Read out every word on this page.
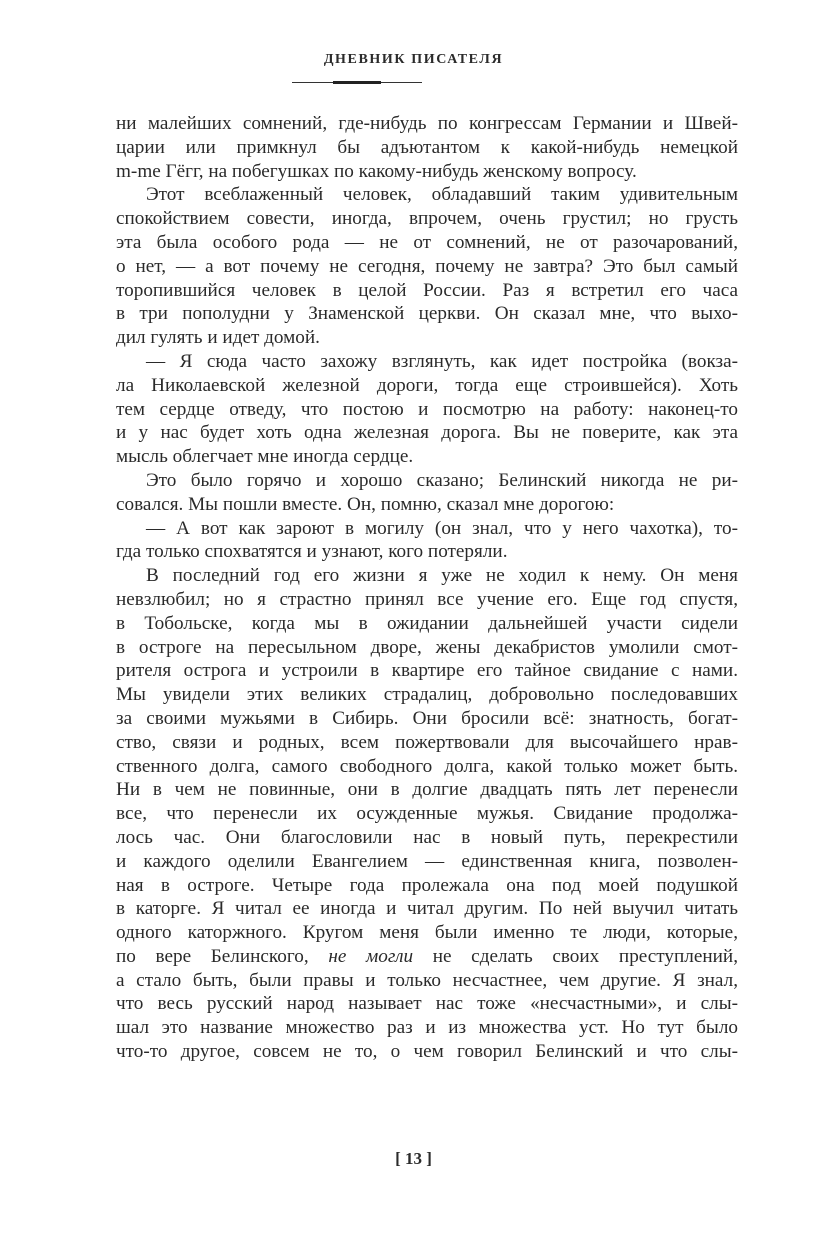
ДНЕВНИК ПИСАТЕЛЯ
ни малейших сомнений, где-нибудь по конгрессам Германии и Швей-
царии или примкнул бы адъютантом к какой-нибудь немецкой
m-me Гёгг, на побегушках по какому-нибудь женскому вопросу.
Этот всеблаженный человек, обладавший таким удивительным
спокойствием совести, иногда, впрочем, очень грустил; но грусть
эта была особого рода — не от сомнений, не от разочарований,
о нет, — а вот почему не сегодня, почему не завтра? Это был самый
торопившийся человек в целой России. Раз я встретил его часа
в три пополудни у Знаменской церкви. Он сказал мне, что выхо-
дил гулять и идет домой.
— Я сюда часто захожу взглянуть, как идет постройка (вокза-
ла Николаевской железной дороги, тогда еще строившейся). Хоть
тем сердце отведу, что постою и посмотрю на работу: наконец-то
и у нас будет хоть одна железная дорога. Вы не поверите, как эта
мысль облегчает мне иногда сердце.
Это было горячо и хорошо сказано; Белинский никогда не ри-
совался. Мы пошли вместе. Он, помню, сказал мне дорогою:
— А вот как зароют в могилу (он знал, что у него чахотка), то-
гда только спохватятся и узнают, кого потеряли.
В последний год его жизни я уже не ходил к нему. Он меня
невзлюбил; но я страстно принял все учение его. Еще год спустя,
в Тобольске, когда мы в ожидании дальнейшей участи сидели
в остроге на пересыльном дворе, жены декабристов умолили смот-
рителя острога и устроили в квартире его тайное свидание с нами.
Мы увидели этих великих страдалиц, добровольно последовавших
за своими мужьями в Сибирь. Они бросили всё: знатность, богат-
ство, связи и родных, всем пожертвовали для высочайшего нрав-
ственного долга, самого свободного долга, какой только может быть.
Ни в чем не повинные, они в долгие двадцать пять лет перенесли
все, что перенесли их осужденные мужья. Свидание продолжа-
лось час. Они благословили нас в новый путь, перекрестили
и каждого оделили Евангелием — единственная книга, позволен-
ная в остроге. Четыре года пролежала она под моей подушкой
в каторге. Я читал ее иногда и читал другим. По ней выучил читать
одного каторжного. Кругом меня были именно те люди, которые,
по вере Белинского, не могли не сделать своих преступлений,
а стало быть, были правы и только несчастнее, чем другие. Я знал,
что весь русский народ называет нас тоже «несчастными», и слы-
шал это название множество раз и из множества уст. Но тут было
что-то другое, совсем не то, о чем говорил Белинский и что слы-
[ 13 ]
